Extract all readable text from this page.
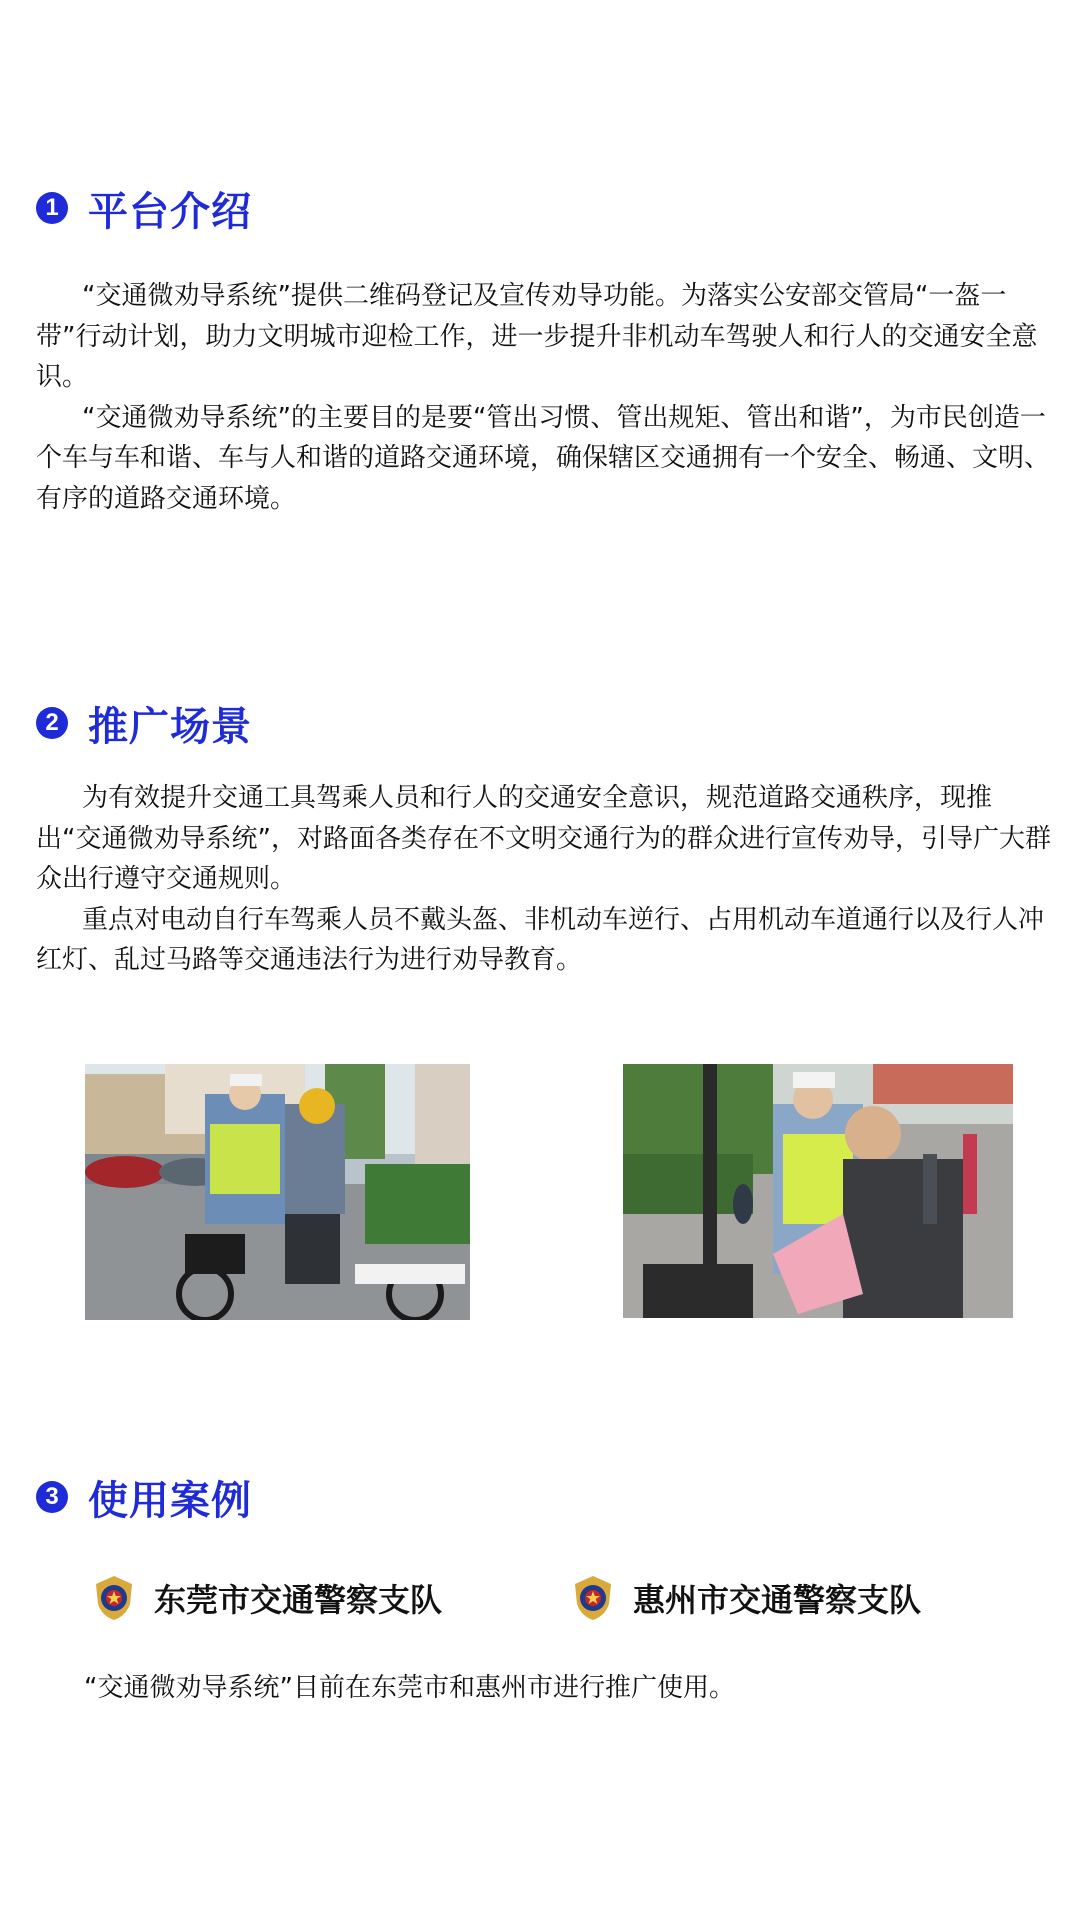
1 平台介绍

“交通微劝导系统”提供二维码登记及宣传劝导功能。为落实公安部交管局“一盔一带”行动计划，助力文明城市迎检工作，进一步提升非机动车驾驶人和行人的交通安全意识。

“交通微劝导系统”的主要目的是要“管出习惯、管出规矩、管出和谐”，为市民创造一个车与车和谐、车与人和谐的道路交通环境，确保辖区交通拥有一个安全、畅通、文明、有序的道路交通环境。

2 推广场景

为有效提升交通工具驾乘人员和行人的交通安全意识，规范道路交通秩序，现推出“交通微劝导系统”，对路面各类存在不文明交通行为的群众进行宣传劝导，引导广大群众出行遵守交通规则。

重点对电动自行车驾乘人员不戴头盔、非机动车逆行、占用机动车道通行以及行人冲红灯、乱过马路等交通违法行为进行劝导教育。

3 使用案例
东莞市交通警察支队	惠州市交通警察支队
“交通微劝导系统”目前在东莞市和惠州市进行推广使用。
